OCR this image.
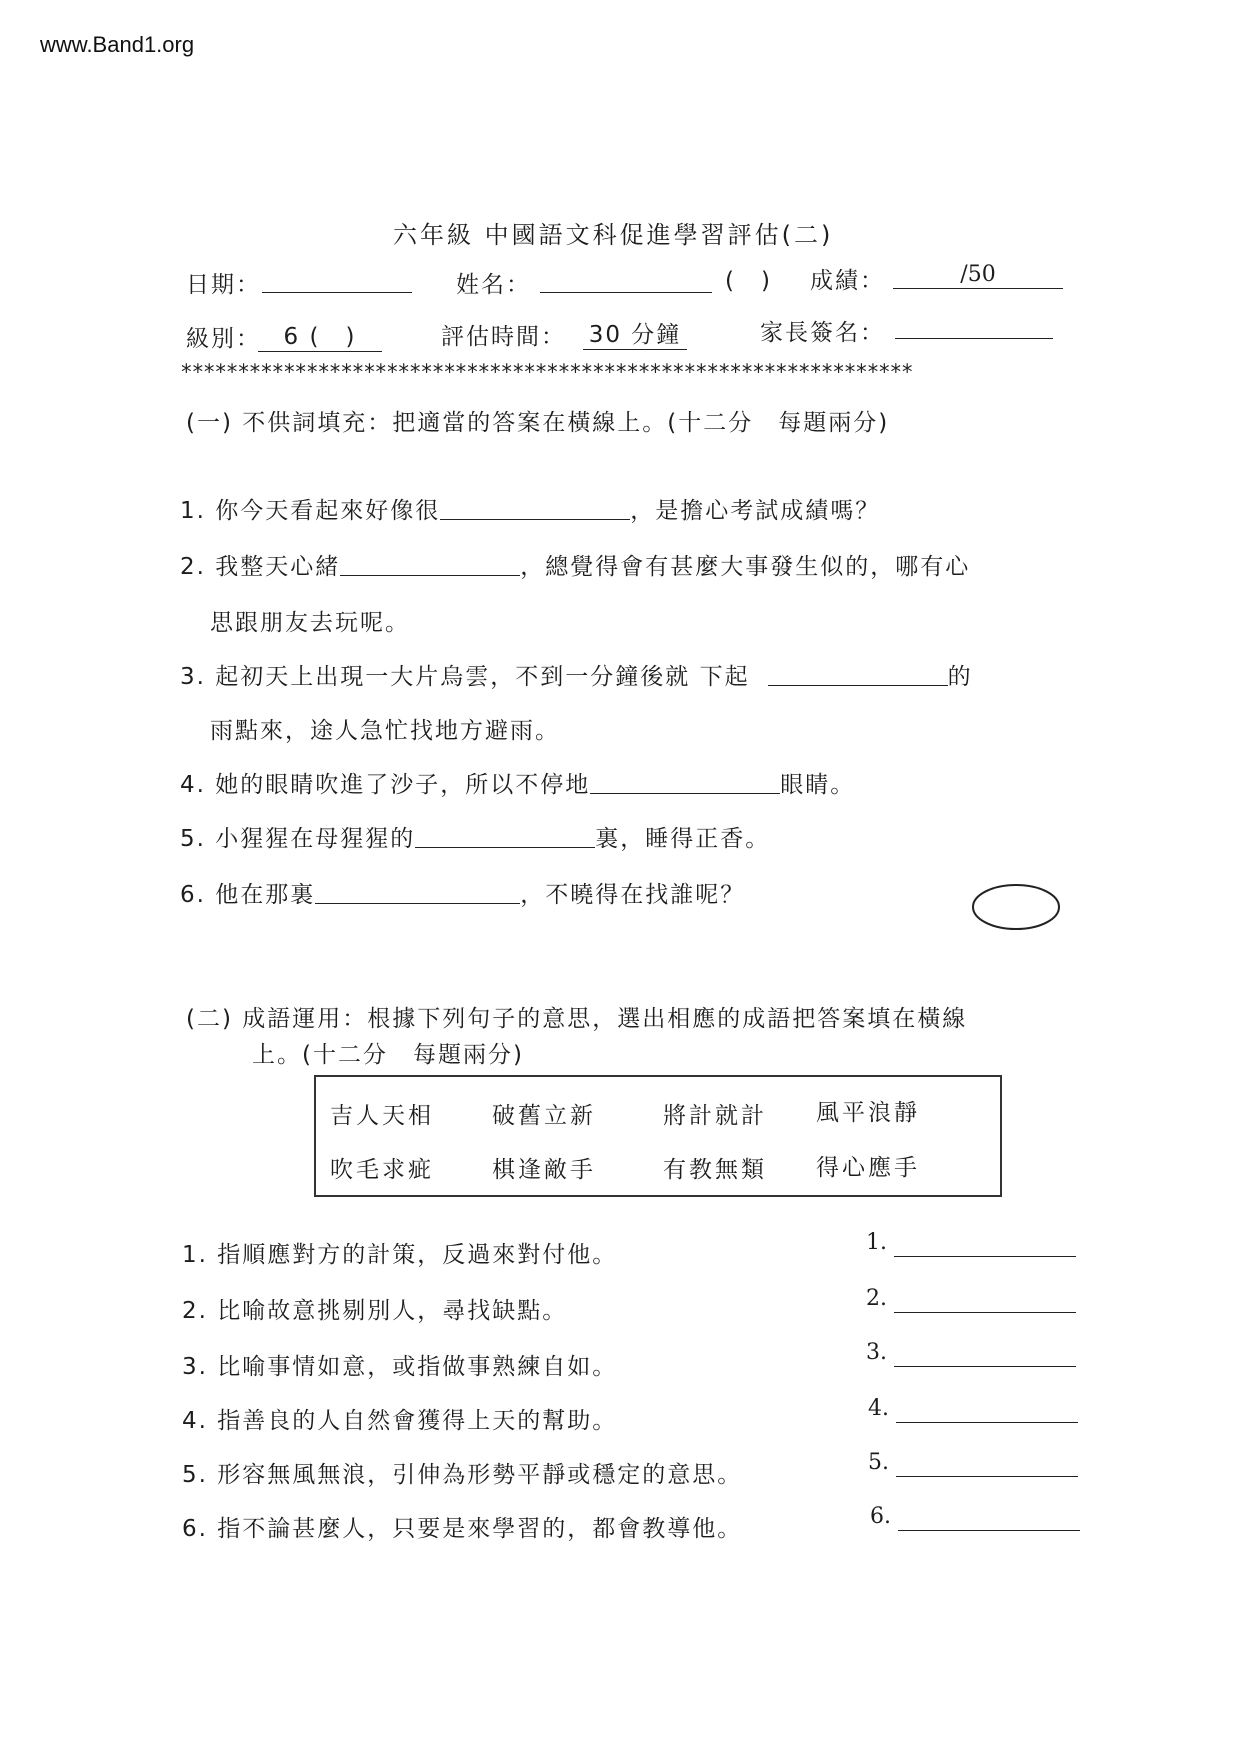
www.Band1.org
六年級 中國語文科促進學習評估(二)
日期：	姓名：	(　) 成績：	/50
級別： 6 (　)	評估時間： 30 分鐘	家長簽名：
****************************************************************
(一) 不供詞填充：把適當的答案在橫線上。(十二分　每題兩分)
1. 你今天看起來好像很	，是擔心考試成績嗎？
2. 我整天心緒	，總覺得會有甚麼大事發生似的，哪有心
思跟朋友去玩呢。
3. 起初天上出現一大片烏雲，不到一分鐘後就 下起	的
雨點來，途人急忙找地方避雨。
4. 她的眼睛吹進了沙子，所以不停地	眼睛。
5. 小猩猩在母猩猩的	裏，睡得正香。
6. 他在那裏	，不曉得在找誰呢？
(二) 成語運用：根據下列句子的意思，選出相應的成語把答案填在橫線
上。(十二分　每題兩分)
吉人天相	破舊立新	將計就計 風平浪靜
吹毛求疵	棋逢敵手	有教無類 得心應手
1. 指順應對方的計策，反過來對付他。
2. 比喻故意挑剔別人，尋找缺點。
3. 比喻事情如意，或指做事熟練自如。
4. 指善良的人自然會獲得上天的幫助。
5. 形容無風無浪，引伸為形勢平靜或穩定的意思。
6. 指不論甚麼人，只要是來學習的，都會教導他。
1.
2.
3.
4.
5.
6.
